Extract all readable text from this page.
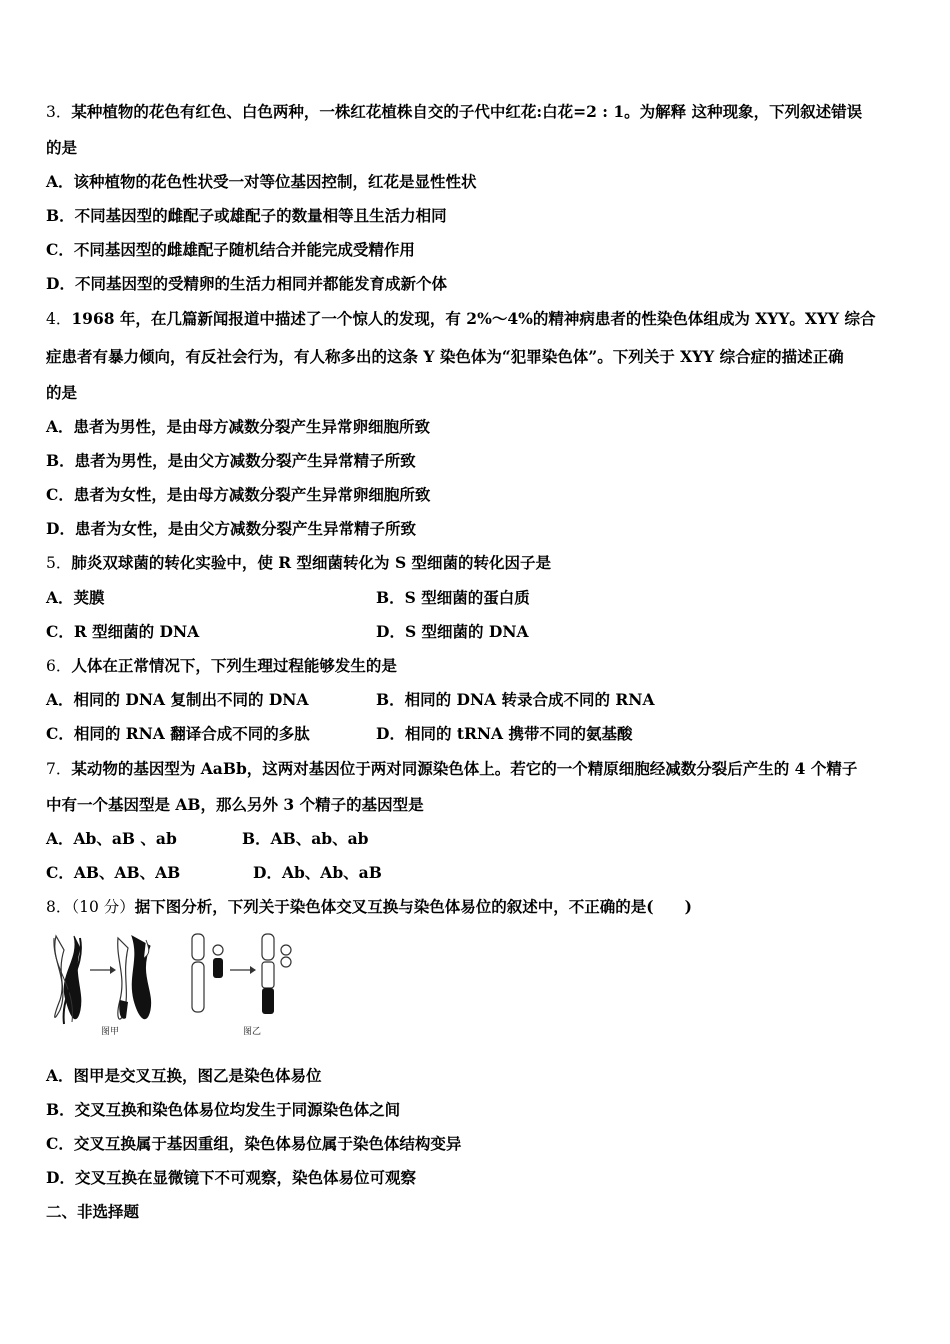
3．某种植物的花色有红色、白色两种，一株红花植株自交的子代中红花:白花=2 : 1。为解释 这种现象，下列叙述错误
的是
A．该种植物的花色性状受一对等位基因控制，红花是显性性状
B．不同基因型的雌配子或雄配子的数量相等且生活力相同
C．不同基因型的雌雄配子随机结合并能完成受精作用
D．不同基因型的受精卵的生活力相同并都能发育成新个体
4．1968 年，在几篇新闻报道中描述了一个惊人的发现，有 2%～4%的精神病患者的性染色体组成为 XYY。XYY 综合
症患者有暴力倾向，有反社会行为，有人称多出的这条 Y 染色体为“犯罪染色体”。下列关于 XYY 综合症的描述正确
的是
A．患者为男性，是由母方减数分裂产生异常卵细胞所致
B．患者为男性，是由父方减数分裂产生异常精子所致
C．患者为女性，是由母方减数分裂产生异常卵细胞所致
D．患者为女性，是由父方减数分裂产生异常精子所致
5．肺炎双球菌的转化实验中，使 R 型细菌转化为 S 型细菌的转化因子是
A．荚膜	B．S 型细菌的蛋白质
C．R 型细菌的 DNA	D．S 型细菌的 DNA
6．人体在正常情况下，下列生理过程能够发生的是
A．相同的 DNA 复制出不同的 DNA	B．相同的 DNA 转录合成不同的 RNA
C．相同的 RNA 翻译合成不同的多肽	D．相同的 tRNA 携带不同的氨基酸
7．某动物的基因型为 AaBb，这两对基因位于两对同源染色体上。若它的一个精原细胞经减数分裂后产生的 4 个精子
中有一个基因型是 AB，那么另外 3 个精子的基因型是
A．Ab、aB 、ab	B．AB、ab、ab
C．AB、AB、AB	D．Ab、Ab、aB
8．（10 分）据下图分析，下列关于染色体交叉互换与染色体易位的叙述中，不正确的是(　　)
图甲	图乙
A．图甲是交叉互换，图乙是染色体易位
B．交叉互换和染色体易位均发生于同源染色体之间
C．交叉互换属于基因重组，染色体易位属于染色体结构变异
D．交叉互换在显微镜下不可观察，染色体易位可观察
二、非选择题
